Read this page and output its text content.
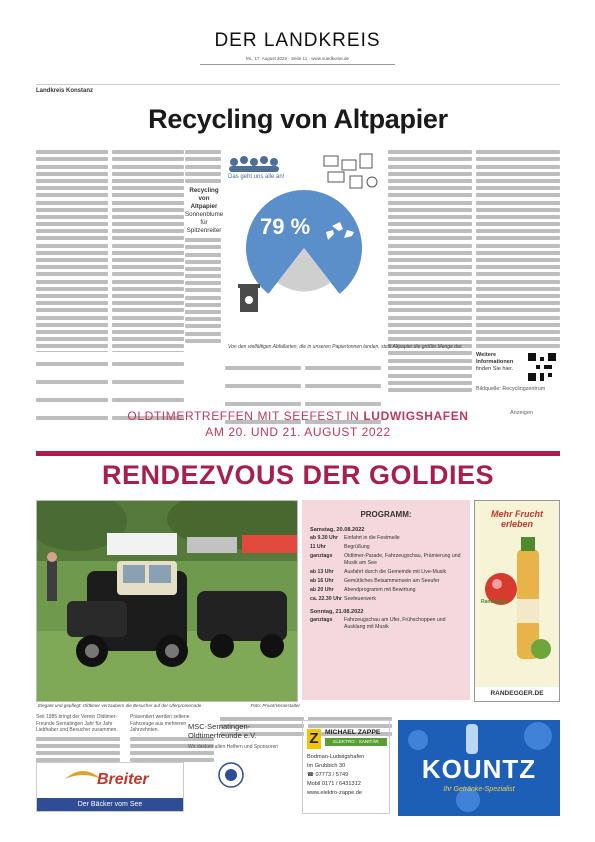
DER LANDKREIS
Mi., 17. August 2022 · Seite 11 · www.suedkurier.de
Landkreis Konstanz
Recycling von Altpapier
Recycling von Altpapier
Sonnenblume für Spitzenreiter
Das geht uns alle an!
79 %
21 %
Von den vielfältigen Abfallarten, die in unseren Papiertonnen landen, stellt Altpapier die größte Menge dar.

Weitere Informationen finden Sie hier.
Bildquelle: Recyclingzentrum
OLDTIMERTREFFEN MIT SEEFEST IN LUDWIGSHAFEN
AM 20. UND 21. AUGUST 2022
Anzeigen
RENDEZVOUS DER GOLDIES
Elegant und gepflegt: Oldtimer verzaubern die Besucher auf der Uferpromenade.	Foto: Privat/Veranstalter
PROGRAMM:
Samstag, 20.08.2022
ab 9.30 Uhr	Einfahrt in die Festmeile
11 Uhr	Begrüßung
ganztags	Oldtimer-Parade, Fahrzeugschau, Prämierung und Musik am See
ab 13 Uhr	Ausfahrt durch die Gemeinde mit Live-Musik
ab 16 Uhr	Gemütliches Beisammensein am Seeufer
ab 20 Uhr	Abendprogramm mit Bewirtung
ca. 22.30 Uhr Seefeuerwerk
Sonntag, 21.08.2022
ganztags	Fahrzeugschau am Ufer, Frühschoppen und Ausklang mit Musik
Mehr Frucht erleben
Randegger
RANDEGGER.DE
Seit 1985 bringt der Verein Oldtimer-Freunde Sernatingen Jahr für Jahr Liebhaber und Besucher zusammen.
Präsentiert werden seltene Fahrzeuge aus mehreren Jahrzehnten.
Breiter
Der Bäcker vom See
MSC-Sernatingen-Oldtimerfreunde e.V.
Wir danken allen Helfern und Sponsoren	Z MICHAEL ZAPPE
ELEKTRO · SANITÄR
Bodman-Ludwigshafen
Im Grubbich 30
☎ 07773 / 5749
Mobil 0171 / 6431312
www.elektro-zappe.de
KOUNTZ
Ihr Getränke-Spezialist
